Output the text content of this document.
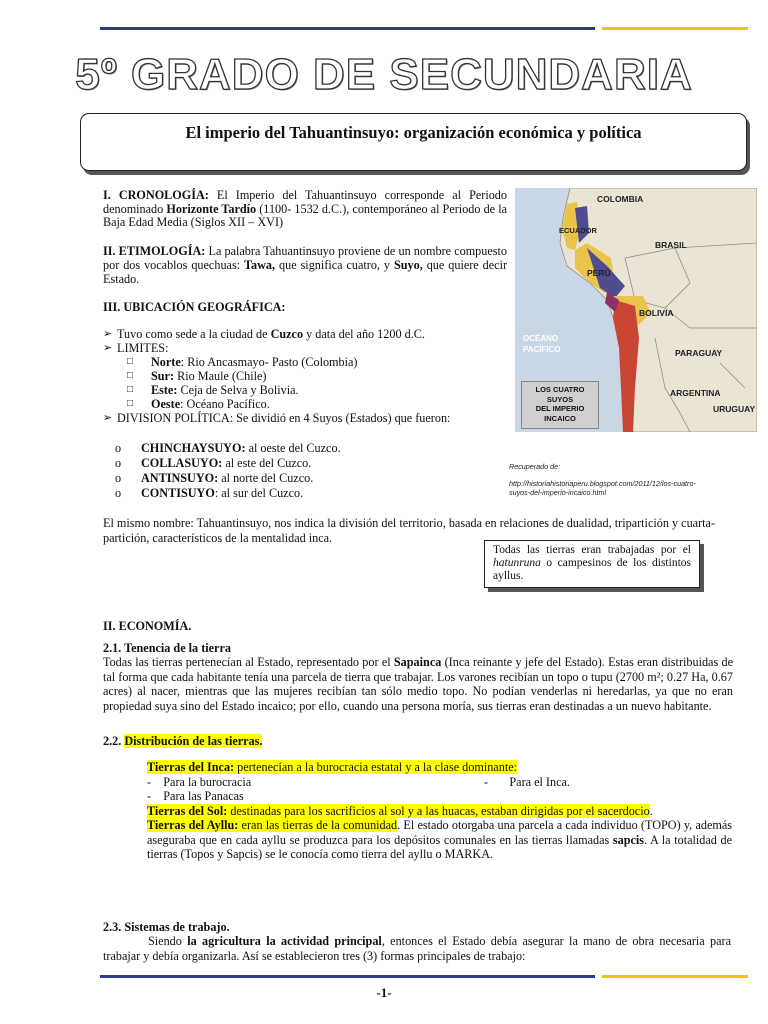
5º GRADO DE SECUNDARIA
El imperio del Tahuantinsuyo: organización económica y política
I. CRONOLOGÍA: El Imperio del Tahuantinsuyo corresponde al Periodo denominado Horizonte Tardío (1100- 1532 d.C.), contemporáneo al Periodo de la Baja Edad Media (Siglos XII – XVI)
II. ETIMOLOGÍA: La palabra Tahuantinsuyo proviene de un nombre compuesto por dos vocablos quechuas: Tawa, que significa cuatro, y Suyo, que quiere decir Estado.
III. UBICACIÓN GEOGRÁFICA:
➢ Tuvo como sede a la ciudad de Cuzco y data del año 1200 d.C.
➢ LIMITES:
□ Norte: Rio Ancasmayo- Pasto (Colombia)
□ Sur: Rio Maule (Chile)
□ Este: Ceja de Selva y Bolivia.
□ Oeste: Océano Pacífico.
➢ DIVISION POLÍTICA: Se dividió en 4 Suyos (Estados) que fueron:
o CHINCHAYSUYO: al oeste del Cuzco.
o COLLASUYO: al este del Cuzco.
o ANTINSUYO: al norte del Cuzco.
o CONTISUYO: al sur del Cuzco.
COLOMBIA
ECUADOR
BRASIL
PERÚ
BOLIVIA
OCÉANO
PACÍFICO	PARAGUAY
ARGENTINA
URUGUAY
LOS CUATRO
SUYOS
DEL IMPERIO
INCAICO
Recuperado de:
http://historiahistoriaperu.blogspot.com/2011/12/los-cuatro-
suyos-del-imperio-incaico.html
El mismo nombre: Tahuantinsuyo, nos indica la división del territorio, basada en relaciones de dualidad, tripartición y cuarta-partición, característicos de la mentalidad inca.
Todas las tierras eran trabajadas por el hatunruna o campesinos de los distintos ayllus.
II. ECONOMÍA.
2.1. Tenencia de la tierra
Todas las tierras pertenecían al Estado, representado por el Sapainca (Inca reinante y jefe del Estado). Estas eran distribuidas de tal forma que cada habitante tenía una parcela de tierra que trabajar. Los varones recibían un topo o tupu (2700 m²; 0.27 Ha, 0.67 acres) al nacer, mientras que las mujeres recibían tan sólo medio topo. No podían venderlas ni heredarlas, ya que no eran propiedad suya sino del Estado incaico; por ello, cuando una persona moría, sus tierras eran destinadas a un nuevo habitante.
2.2. Distribución de las tierras.
Tierras del Inca: pertenecían a la burocracia estatal y a la clase dominante:
-    Para la burocracia	-       Para el Inca.
-    Para las Panacas
Tierras del Sol: destinadas para los sacrificios al sol y a las huacas, estaban dirigidas por el sacerdocio.
Tierras del Ayllu: eran las tierras de la comunidad. El estado otorgaba una parcela a cada individuo (TOPO) y, además aseguraba que en cada ayllu se produzca para los depósitos comunales en las tierras llamadas sapcis. A la totalidad de tierras (Topos y Sapcis) se le conocía como tierra del ayllu o MARKA.
2.3. Sistemas de trabajo.
Siendo la agricultura la actividad principal, entonces el Estado debía asegurar la mano de obra necesaria para trabajar y debía organizarla. Así se establecieron tres (3) formas principales de trabajo:
-1-
